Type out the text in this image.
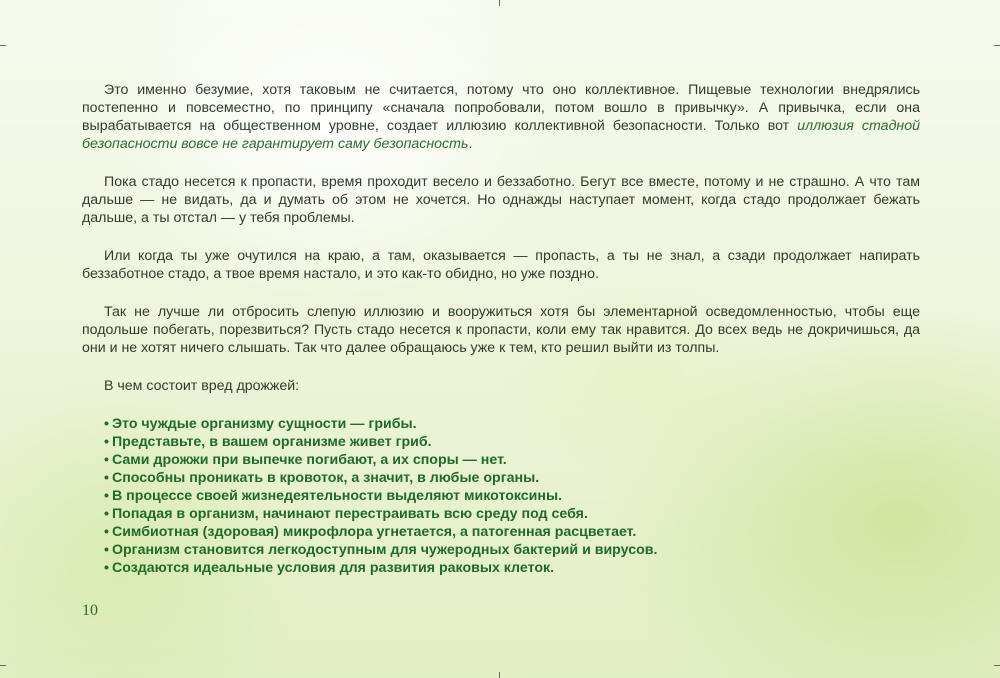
Это именно безумие, хотя таковым не считается, потому что оно коллективное. Пищевые технологии внедрялись постепенно и повсеместно, по принципу «сначала попробовали, потом вошло в привычку». А привычка, если она вырабатывается на общественном уровне, создает иллюзию коллективной безопасности. Только вот иллюзия стадной безопасности вовсе не гарантирует саму безопасность.

Пока стадо несется к пропасти, время проходит весело и беззаботно. Бегут все вместе, потому и не страшно. А что там дальше — не видать, да и думать об этом не хочется. Но однажды наступает момент, когда стадо продолжает бежать дальше, а ты отстал — у тебя проблемы.

Или когда ты уже очутился на краю, а там, оказывается — пропасть, а ты не знал, а сзади продолжает напирать беззаботное стадо, а твое время настало, и это как-то обидно, но уже поздно.

Так не лучше ли отбросить слепую иллюзию и вооружиться хотя бы элементарной осведомленностью, чтобы еще подольше побегать, порезвиться? Пусть стадо несется к пропасти, коли ему так нравится. До всех ведь не докричишься, да они и не хотят ничего слышать. Так что далее обращаюсь уже к тем, кто решил выйти из толпы.

В чем состоит вред дрожжей:

• Это чуждые организму сущности — грибы.
• Представьте, в вашем организме живет гриб.
• Сами дрожжи при выпечке погибают, а их споры — нет.
• Способны проникать в кровоток, а значит, в любые органы.
• В процессе своей жизнедеятельности выделяют микотоксины.
• Попадая в организм, начинают перестраивать всю среду под себя.
• Симбиотная (здоровая) микрофлора угнетается, а патогенная расцветает.
• Организм становится легкодоступным для чужеродных бактерий и вирусов.
• Создаются идеальные условия для развития раковых клеток.
10
